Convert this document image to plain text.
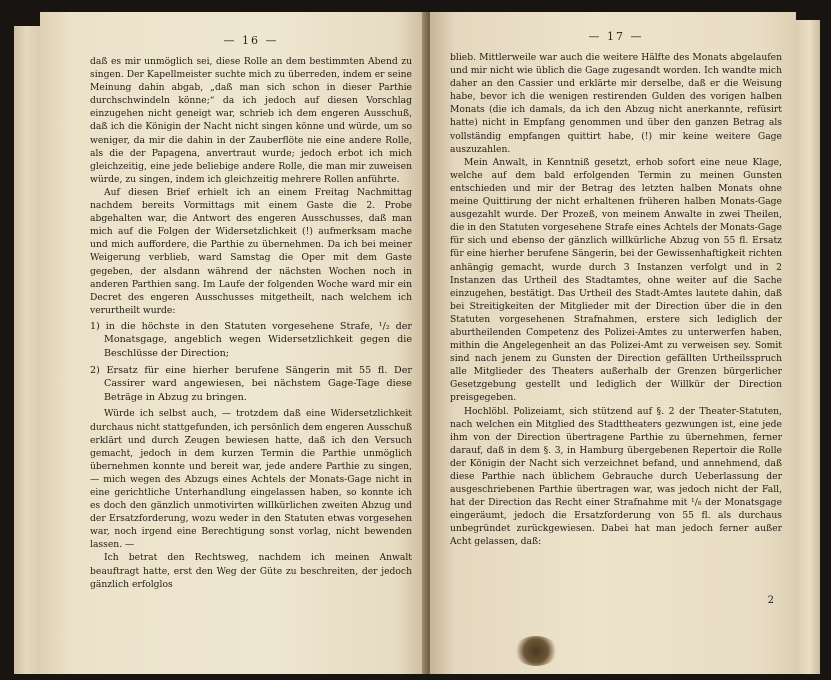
— 16 —

daß es mir unmöglich sei, diese Rolle an dem bestimmten Abend zu singen. Der Kapellmeister suchte mich zu überreden, indem er seine Meinung dahin abgab, „daß man sich schon in dieser Parthie durchschwindeln könne;“ da ich jedoch auf diesen Vorschlag einzugehen nicht geneigt war, schrieb ich dem engeren Ausschuß, daß ich die Königin der Nacht nicht singen könne und würde, um so weniger, da mir die dahin in der Zauberflöte nie eine andere Rolle, als die der Papagena, anvertraut wurde; jedoch erbot ich mich gleichzeitig, eine jede beliebige andere Rolle, die man mir zuweisen würde, zu singen, indem ich gleichzeitig mehrere Rollen anführte.

Auf diesen Brief erhielt ich an einem Freitag Nachmittag nachdem bereits Vormittags mit einem Gaste die 2. Probe abgehalten war, die Antwort des engeren Ausschusses, daß man mich auf die Folgen der Widersetzlichkeit (!) aufmerksam mache und mich auffordere, die Parthie zu übernehmen. Da ich bei meiner Weigerung verblieb, ward Samstag die Oper mit dem Gaste gegeben, der alsdann während der nächsten Wochen noch in anderen Parthien sang. Im Laufe der folgenden Woche ward mir ein Decret des engeren Ausschusses mitgetheilt, nach welchem ich verurtheilt wurde:

1) in die höchste in den Statuten vorgesehene Strafe, ¹/₂ der Monatsgage, angeblich wegen Widersetzlichkeit gegen die Beschlüsse der Direction;

2) Ersatz für eine hierher berufene Sängerin mit 55 fl. Der Cassirer ward angewiesen, bei nächstem Gage-Tage diese Beträge in Abzug zu bringen.

Würde ich selbst auch, — trotzdem daß eine Widersetzlichkeit durchaus nicht stattgefunden, ich persönlich dem engeren Ausschuß erklärt und durch Zeugen bewiesen hatte, daß ich den Versuch gemacht, jedoch in dem kurzen Termin die Parthie unmöglich übernehmen konnte und bereit war, jede andere Parthie zu singen, — mich wegen des Abzugs eines Achtels der Monats-Gage nicht in eine gerichtliche Unterhandlung eingelassen haben, so konnte ich es doch den gänzlich unmotivirten willkürlichen zweiten Abzug und der Ersatzforderung, wozu weder in den Statuten etwas vorgesehen war, noch irgend eine Berechtigung sonst vorlag, nicht bewenden lassen. —

Ich betrat den Rechtsweg, nachdem ich meinen Anwalt beauftragt hatte, erst den Weg der Güte zu beschreiten, der jedoch gänzlich erfolglos

— 17 —

blieb. Mittlerweile war auch die weitere Hälfte des Monats abgelaufen und mir nicht wie üblich die Gage zugesandt worden. Ich wandte mich daher an den Cassier und erklärte mir derselbe, daß er die Weisung habe, bevor ich die wenigen restirenden Gulden des vorigen halben Monats (die ich damals, da ich den Abzug nicht anerkannte, refüsirt hatte) nicht in Empfang genommen und über den ganzen Betrag als vollständig empfangen quittirt habe, (!) mir keine weitere Gage auszuzahlen.

Mein Anwalt, in Kenntniß gesetzt, erhob sofort eine neue Klage, welche auf dem bald erfolgenden Termin zu meinen Gunsten entschieden und mir der Betrag des letzten halben Monats ohne meine Quittirung der nicht erhaltenen früheren halben Monats-Gage ausgezahlt wurde. Der Prozeß, von meinem Anwalte in zwei Theilen, die in den Statuten vorgesehene Strafe eines Achtels der Monats-Gage für sich und ebenso der gänzlich willkürliche Abzug von 55 fl. Ersatz für eine hierher berufene Sängerin, bei der Gewissenhaftigkeit richten anhängig gemacht, wurde durch 3 Instanzen verfolgt und in 2 Instanzen das Urtheil des Stadtamtes, ohne weiter auf die Sache einzugehen, bestätigt. Das Urtheil des Stadt-Amtes lautete dahin, daß bei Streitigkeiten der Mitglieder mit der Direction über die in den Statuten vorgesehenen Strafnahmen, erstere sich lediglich der aburtheilenden Competenz des Polizei-Amtes zu unterwerfen haben, mithin die Angelegenheit an das Polizei-Amt zu verweisen sey. Somit sind nach jenem zu Gunsten der Direction gefällten Urtheilsspruch alle Mitglieder des Theaters außerhalb der Grenzen bürgerlicher Gesetzgebung gestellt und lediglich der Willkür der Direction preisgegeben.

Hochlöbl. Polizeiamt, sich stützend auf §. 2 der Theater-Statuten, nach welchen ein Mitglied des Stadttheaters gezwungen ist, eine jede ihm von der Direction übertragene Parthie zu übernehmen, ferner darauf, daß in dem §. 3, in Hamburg übergebenen Repertoir die Rolle der Königin der Nacht sich verzeichnet befand, und annehmend, daß diese Parthie nach üblichem Gebrauche durch Ueberlassung der ausgeschriebenen Parthie übertragen war, was jedoch nicht der Fall, hat der Direction das Recht einer Strafnahme mit ¹/₈ der Monatsgage eingeräumt, jedoch die Ersatzforderung von 55 fl. als durchaus unbegründet zurückgewiesen. Dabei hat man jedoch ferner außer Acht gelassen, daß:

2
